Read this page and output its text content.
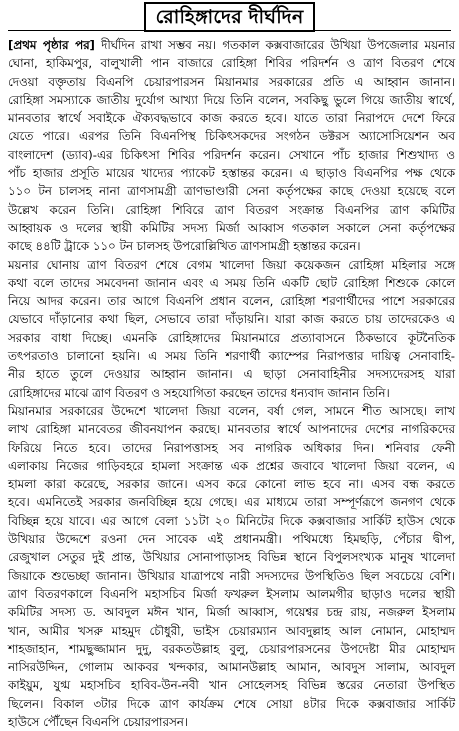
রোহিঙ্গাদের দীর্ঘদিন
[প্রথম পৃষ্ঠার পর] দীর্ঘদিন রাখা সম্ভব নয়। গতকাল কক্সবাজারের উখিয়া উপজেলার ময়নার
ঘোনা, হাকিমপুর, বালুখালী পান বাজারে রোহিঙ্গা শিবির পরিদর্শন ও ত্রাণ বিতরণ শেষে
দেওয়া বক্তৃতায় বিএনপি চেয়ারপারসন মিয়ানমার সরকারের প্রতি এ আহ্বান জানান।
রোহিঙ্গা সমস্যাকে জাতীয় দুর্যোগ আখ্যা দিয়ে তিনি বলেন, সবকিছু ভুলে গিয়ে জাতীয় স্বার্থে,
মানবতার স্বার্থে সবাইকে ঐক্যবদ্ধভাবে কাজ করতে হবে। যাতে তারা নিরাপদে দেশে ফিরে
যেতে পারে। এরপর তিনি বিএনপিস্থ চিকিৎসকদের সংগঠন ডক্টরস অ্যাসোসিয়েশন অব
বাংলাদেশ (ড্যাব)-এর চিকিৎসা শিবির পরিদর্শন করেন। সেখানে পাঁচ হাজার শিশুখাদ্য ও
পাঁচ হাজার প্রসূতি মায়ের খাদ্যের প্যাকেট হস্তান্তর করেন। এ ছাড়াও বিএনপির পক্ষ থেকে
১১০ টন চালসহ নানা ত্রাণসামগ্রী ত্রাণভাণ্ডারী সেনা কর্তৃপক্ষের কাছে দেওয়া হয়েছে বলে
উল্লেখ করেন তিনি। রোহিঙ্গা শিবিরে ত্রাণ বিতরণ সংক্রান্ত বিএনপির ত্রাণ কমিটির
আহ্বায়ক ও দলের স্থায়ী কমিটির সদস্য মির্জা আব্বাস গতকাল সকালে সেনা কর্তৃপক্ষের
কাছে ৪৪টি ট্রাকে ১১০ টন চালসহ উপরোল্লিখিত ত্রাণসামগ্রী হস্তান্তর করেন।
ময়নার ঘোনায় ত্রাণ বিতরণ শেষে বেগম খালেদা জিয়া কয়েকজন রোহিঙ্গা মহিলার সঙ্গে
কথা বলে তাদের সমবেদনা জানান এবং এ সময় তিনি একটি ছোট রোহিঙ্গা শিশুকে কোলে
নিয়ে আদর করেন। তার আগে বিএনপি প্রধান বলেন, রোহিঙ্গা শরণার্থীদের পাশে সরকারের
যেভাবে দাঁড়ানোর কথা ছিল, সেভাবে তারা দাঁড়ায়নি। যারা কাজ করতে চায় তাদেরকেও এ
সরকার বাধা দিচ্ছে। এমনকি রোহিঙ্গাদের মিয়ানমারে প্রত্যাবাসনে ঠিকভাবে কূটনৈতিক
তৎপরতাও চালানো হয়নি। এ সময় তিনি শরণার্থী ক্যাম্পের নিরাপত্তার দায়িত্ব সেনাবাহি-
নীর হাতে তুলে দেওয়ার আহ্বান জানান। এ ছাড়া সেনাবাহিনীর সদস্যদেরসহ যারা
রোহিঙ্গাদের মাঝে ত্রাণ বিতরণ ও সহযোগিতা করছেন তাদের ধন্যবাদ জানান তিনি।
মিয়ানমার সরকারের উদ্দেশে খালেদা জিয়া বলেন, বর্ষা গেল, সামনে শীত আসছে। লাখ
লাখ রোহিঙ্গা মানবেতর জীবনযাপন করছে। মানবতার স্বার্থে আপনাদের দেশের নাগরিকদের
ফিরিয়ে নিতে হবে। তাদের নিরাপত্তাসহ সব নাগরিক অধিকার দিন। শনিবার ফেনী
এলাকায় নিজের গাড়িবহরে হামলা সংক্রান্ত এক প্রশ্নের জবাবে খালেদা জিয়া বলেন, এ
হামলা কারা করেছে, সরকার জানে। এসব করে কোনো লাভ হবে না। এসব বন্ধ করতে
হবে। এমনিতেই সরকার জনবিচ্ছিন্ন হয়ে গেছে। এর মাধ্যমে তারা সম্পূর্ণরূপে জনগণ থেকে
বিচ্ছিন্ন হয়ে যাবে। এর আগে বেলা ১১টা ২০ মিনিটের দিকে কক্সবাজার সার্কিট হাউস থেকে
উখিয়ার উদ্দেশে রওনা দেন সাবেক এই প্রধানমন্ত্রী। পথিমধ্যে হিমছড়ি, পেঁচার দ্বীপ,
রেজুখাল সেতুর দুই প্রান্ত, উখিয়ার সোনাপাড়াসহ বিভিন্ন স্থানে বিপুলসংখ্যক মানুষ খালেদা
জিয়াকে শুভেচ্ছা জানান। উখিয়ার যাত্রাপথে নারী সদস্যদের উপস্থিতিও ছিল সবচেয়ে বেশি।
ত্রাণ বিতরণকালে বিএনপি মহাসচিব মির্জা ফখরুল ইসলাম আলমগীর ছাড়াও দলের স্থায়ী
কমিটির সদস্য ড. আবদুল মঈন খান, মির্জা আব্বাস, গয়েশ্বর চন্দ্র রায়, নজরুল ইসলাম
খান, আমীর খসরু মাহমুদ চৌধুরী, ভাইস চেয়ারম্যান আবদুল্লাহ আল নোমান, মোহাম্মদ
শাহজাহান, শামছুজ্জামান দুদু, বরকতউল্লাহ বুলু, চেয়ারপারসনের উপদেষ্টা মীর মোহাম্মদ
নাসিরউদ্দিন, গোলাম আকবর খন্দকার, আমানউল্লাহ আমান, আবদুস সালাম, আবদুল
কাইয়ুম, যুগ্ম মহাসচিব হাবিব-উন-নবী খান সোহেলসহ বিভিন্ন স্তরের নেতারা উপস্থিত
ছিলেন। বিকাল ৩টার দিকে ত্রাণ কার্যক্রম শেষে সোয়া ৪টার দিকে কক্সবাজার সার্কিট
হাউসে পৌঁছেন বিএনপি চেয়ারপারসন।
